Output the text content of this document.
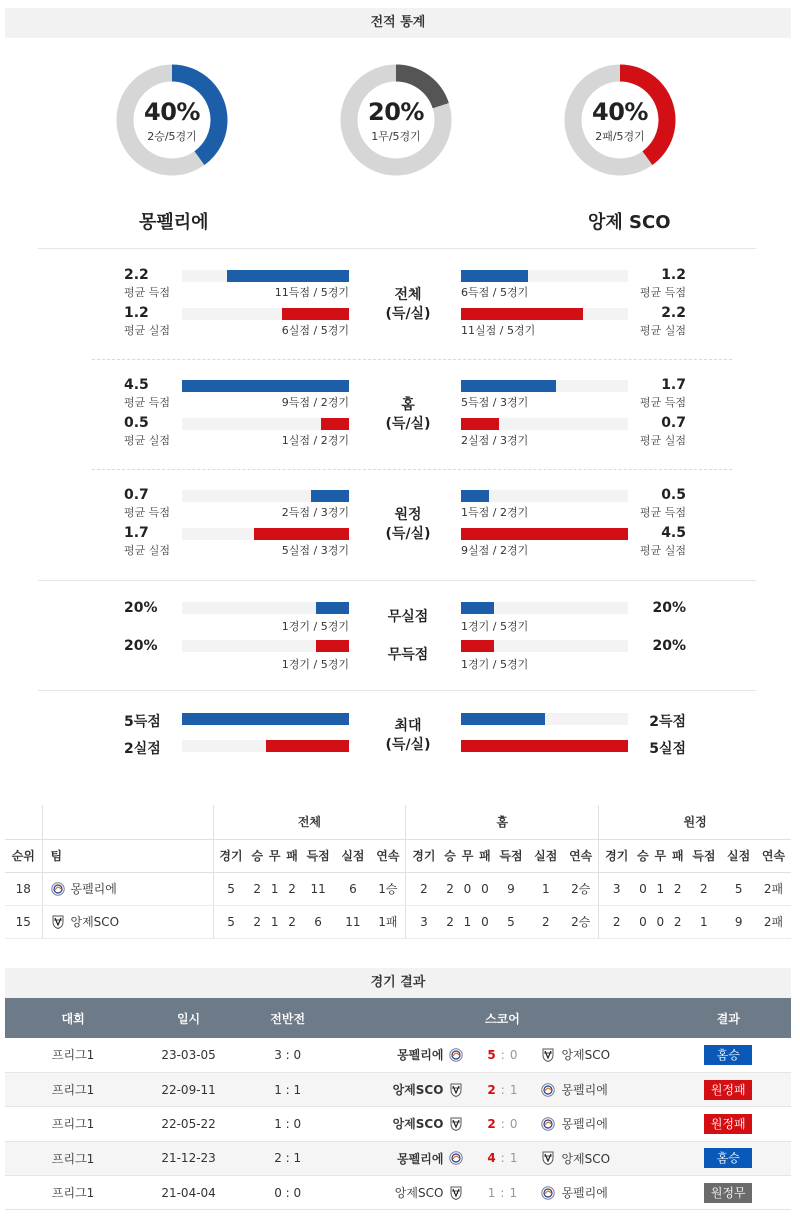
전적 통계
40%
2승/5경기
20%
1무/5경기
40%
2패/5경기
몽펠리에	앙제 SCO
2.2
평균 득점	11득점 / 5경기	6득점 / 5경기
1.2
평균 득점
1.2
평균 실점	6실점 / 5경기	11실점 / 5경기
2.2
평균 실점
전체
(득/실)
4.5
평균 득점	9득점 / 2경기	5득점 / 3경기
1.7
평균 득점
0.5
평균 실점	1실점 / 2경기	2실점 / 3경기
0.7
평균 실점
홈
(득/실)
0.7
평균 득점	2득점 / 3경기	1득점 / 2경기
0.5
평균 득점
1.7
평균 실점	5실점 / 3경기	9실점 / 2경기
4.5
평균 실점
원정
(득/실)
20%
1경기 / 5경기	1경기 / 5경기
20%
무실점
20%
1경기 / 5경기	1경기 / 5경기
20%
무득점
5득점	2득점
2실점	5실점
최대
(득/실)
		전체							홈							원정						
순위	팀	경기	승	무	패	득점	실점	연속	경기	승	무	패	득점	실점	연속	경기	승	무	패	득점	실점	연속
18	몽펠리에	5	2	1	2	11	6	1승	2	2	0	0	9	1	2승	3	0	1	2	2	5	2패
15	앙제SCO	5	2	1	2	6	11	1패	3	2	1	0	5	2	2승	2	0	0	2	1	9	2패
경기 결과
대회	일시	전반전	스코어	결과
프리그1	23-03-05	3 : 0	몽펠리에 5 : 0 앙제SCO	홈승
프리그1	22-09-11	1 : 1	앙제SCO 2 : 1 몽펠리에	원정패
프리그1	22-05-22	1 : 0	앙제SCO 2 : 0 몽펠리에	원정패
프리그1	21-12-23	2 : 1	몽펠리에 4 : 1 앙제SCO	홈승
프리그1	21-04-04	0 : 0	앙제SCO 1 : 1 몽펠리에	원정무
